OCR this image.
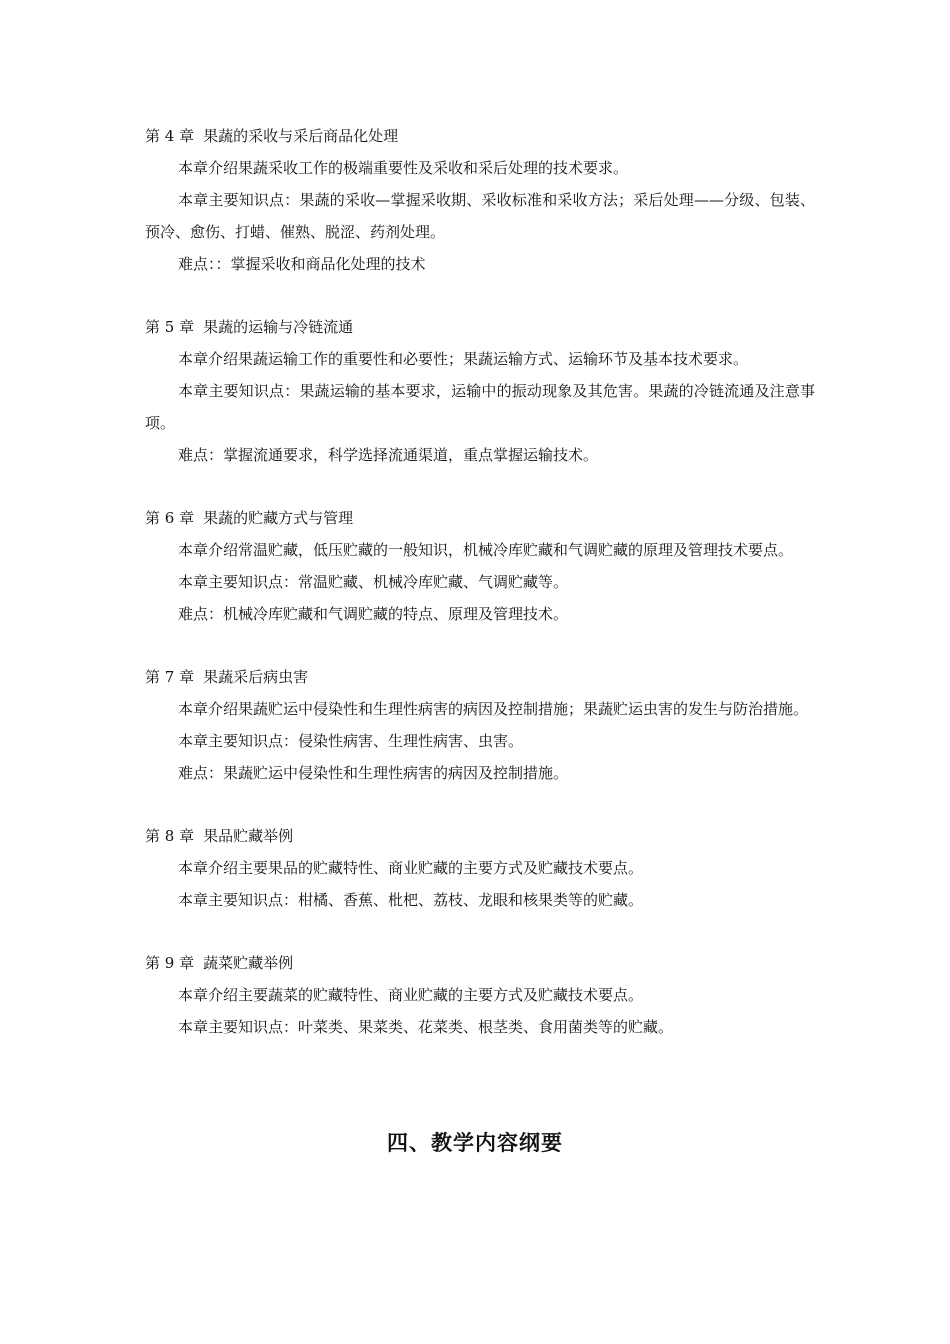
第 4 章 果蔬的采收与采后商品化处理

本章介绍果蔬采收工作的极端重要性及采收和采后处理的技术要求。

本章主要知识点：果蔬的采收—掌握采收期、采收标准和采收方法；采后处理——分级、包装、预冷、愈伤、打蜡、催熟、脱涩、药剂处理。

难点：：掌握采收和商品化处理的技术

第 5 章 果蔬的运输与冷链流通

本章介绍果蔬运输工作的重要性和必要性；果蔬运输方式、运输环节及基本技术要求。

本章主要知识点：果蔬运输的基本要求，运输中的振动现象及其危害。果蔬的冷链流通及注意事项。

难点：掌握流通要求，科学选择流通渠道，重点掌握运输技术。

第 6 章 果蔬的贮藏方式与管理

本章介绍常温贮藏，低压贮藏的一般知识，机械冷库贮藏和气调贮藏的原理及管理技术要点。

本章主要知识点：常温贮藏、机械冷库贮藏、气调贮藏等。

难点：机械冷库贮藏和气调贮藏的特点、原理及管理技术。

第 7 章 果蔬采后病虫害

本章介绍果蔬贮运中侵染性和生理性病害的病因及控制措施；果蔬贮运虫害的发生与防治措施。

本章主要知识点：侵染性病害、生理性病害、虫害。

难点：果蔬贮运中侵染性和生理性病害的病因及控制措施。

第 8 章 果品贮藏举例

本章介绍主要果品的贮藏特性、商业贮藏的主要方式及贮藏技术要点。

本章主要知识点：柑橘、香蕉、枇杷、荔枝、龙眼和核果类等的贮藏。

第 9 章 蔬菜贮藏举例

本章介绍主要蔬菜的贮藏特性、商业贮藏的主要方式及贮藏技术要点。

本章主要知识点：叶菜类、果菜类、花菜类、根茎类、食用菌类等的贮藏。

四、教学内容纲要
